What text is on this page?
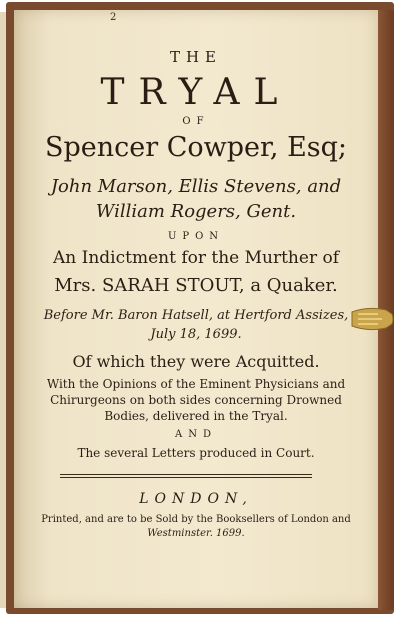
2
THE
TRYAL
OF
Spencer Cowper, Esq;
John Marson, Ellis Stevens, and
William Rogers, Gent.
UPON
An Indictment for the Murther of
Mrs. SARAH STOUT, a Quaker.
Before Mr. Baron Hatsell, at Hertford Assizes,
July 18, 1699.
Of which they were Acquitted.
With the Opinions of the Eminent Physicians and
Chirurgeons on both sides concerning Drowned
Bodies, delivered in the Tryal.
AND
The several Letters produced in Court.
LONDON,
Printed, and are to be Sold by the Booksellers of London and
Westminster. 1699.
